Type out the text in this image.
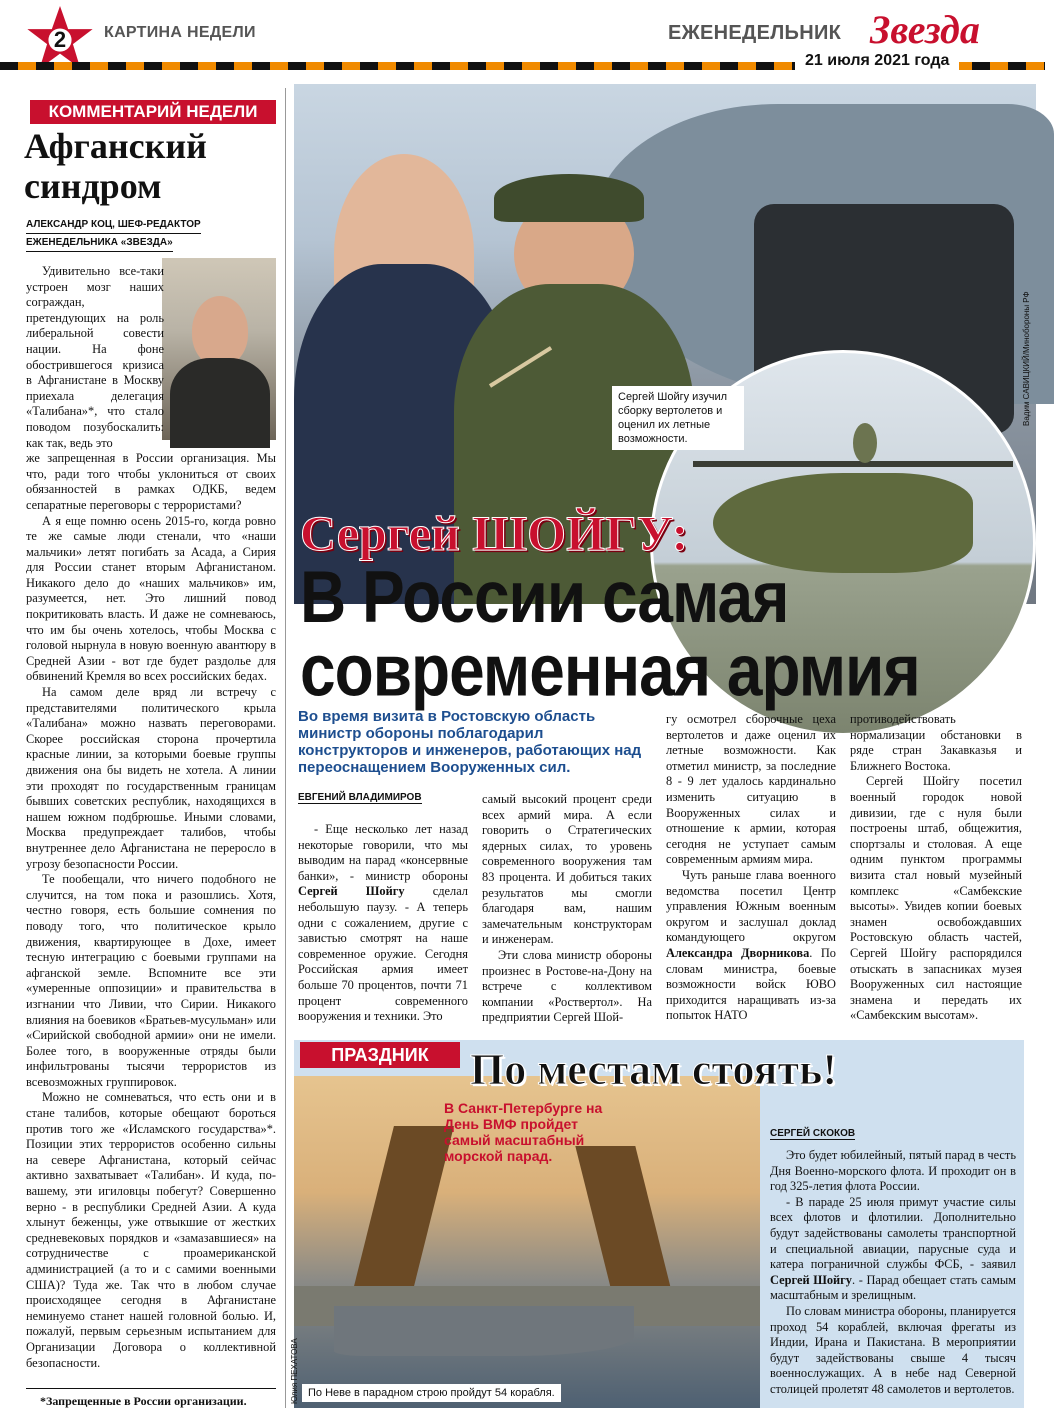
2	КАРТИНА НЕДЕЛИ	ЕЖЕНЕДЕЛЬНИК Звезда
21 июля 2021 года
КОММЕНТАРИЙ НЕДЕЛИ
Афганский
синдром
АЛЕКСАНДР КОЦ, ШЕФ-РЕДАКТОР
ЕЖЕНЕДЕЛЬНИКА «ЗВЕЗДА»

Удивительно все-таки устроен мозг наших сограждан, претендующих на роль либеральной совести нации. На фоне обострившегося кризиса в Афганистане в Москву приехала делегация «Талибана»*, что стало поводом позубоскалить: как так, ведь это

же запрещенная в России организация. Мы что, ради того чтобы уклониться от своих обязанностей в рамках ОДКБ, ведем сепаратные переговоры с террористами?

А я еще помню осень 2015-го, когда ровно те же самые люди стенали, что «наши мальчики» летят погибать за Асада, а Сирия для России станет вторым Афганистаном. Никакого дело до «наших мальчиков» им, разумеется, нет. Это лишний повод покритиковать власть. И даже не сомневаюсь, что им бы очень хотелось, чтобы Москва с головой нырнула в новую военную авантюру в Средней Азии - вот где будет раздолье для обвинений Кремля во всех российских бедах.

На самом деле вряд ли встречу с представителями политического крыла «Талибана» можно назвать переговорами. Скорее российская сторона прочертила красные линии, за которыми боевые группы движения она бы видеть не хотела. А линии эти проходят по государственным границам бывших советских республик, находящихся в нашем южном подбрюшье. Иными словами, Москва предупреждает талибов, чтобы внутреннее дело Афганистана не переросло в угрозу безопасности России.

Те пообещали, что ничего подобного не случится, на том пока и разошлись. Хотя, честно говоря, есть большие сомнения по поводу того, что политическое крыло движения, квартирующее в Дохе, имеет тесную интеграцию с боевыми группами на афганской земле. Вспомните все эти «умеренные оппозиции» и правительства в изгнании что Ливии, что Сирии. Никакого влияния на боевиков «Братьев-мусульман» или «Сирийской свободной армии» они не имели. Более того, в вооруженные отряды были инфильтрованы тысячи террористов из всевозможных группировок.

Можно не сомневаться, что есть они и в стане талибов, которые обещают бороться против того же «Исламского государства»*. Позиции этих террористов особенно сильны на севере Афганистана, который сейчас активно захватывает «Талибан». И куда, по-вашему, эти игиловцы побегут? Совершенно верно - в республики Средней Азии. А куда хлынут беженцы, уже отвыкшие от жестких средневековых порядков и «замазавшиеся» на сотрудничестве с проамериканской администрацией (а то и с самими военными США)? Туда же. Так что в любом случае происходящее сегодня в Афганистане неминуемо станет нашей головной болью. И, пожалуй, первым серьезным испытанием для Организации Договора о коллективной безопасности.

*Запрещенные в России организации.
Сергей Шойгу изучил сборку вертолетов и оценил их летные возможности.
Вадим САВИЦКИЙ/Минобороны РФ
Сергей ШОЙГУ:
В России самая
современная армия
Во время визита в Ростовскую область министр обороны поблагодарил конструкторов и инженеров, работающих над переоснащением Вооруженных сил.
ЕВГЕНИЙ ВЛАДИМИРОВ

- Еще несколько лет назад некоторые говорили, что мы выводим на парад «консервные банки», - министр обороны Сергей Шойгу сделал небольшую паузу. - А теперь одни с сожалением, другие с завистью смотрят на наше современное оружие. Сегодня Российская армия имеет больше 70 процентов, почти 71 процент современного вооружения и техники. Это

самый высокий процент среди всех армий мира. А если говорить о Стратегических ядерных силах, то уровень современного вооружения там 83 процента. И добиться таких результатов мы смогли благодаря вам, нашим замечательным конструкторам и инженерам.

Эти слова министр обороны произнес в Ростове-на-Дону на встрече с коллективом компании «Роствертол». На предприятии Сергей Шой-

гу осмотрел сборочные цеха вертолетов и даже оценил их летные возможности. Как отметил министр, за последние 8 - 9 лет удалось кардинально изменить ситуацию в Вооруженных силах и отношение к армии, которая сегодня не уступает самым современным армиям мира.

Чуть раньше глава военного ведомства посетил Центр управления Южным военным округом и заслушал доклад командующего округом Александра Дворникова. По словам министра, боевые возможности войск ЮВО приходится наращивать из-за попыток НАТО

противодействовать нормализации обстановки в ряде стран Закавказья и Ближнего Востока.

Сергей Шойгу посетил военный городок новой дивизии, где с нуля были построены штаб, общежития, спортзалы и столовая. А еще одним пунктом программы визита стал новый музейный комплекс «Самбекские высоты». Увидев копии боевых знамен освобождавших Ростовскую область частей, Сергей Шойгу распорядился отыскать в запасниках музея Вооруженных сил настоящие знамена и передать их «Самбекским высотам».

ПРАЗДНИК По местам стоять!
В Санкт-Петербурге на День ВМФ пройдет самый масштабный морской парад.
СЕРГЕЙ СКОКОВ

Это будет юбилейный, пятый парад в честь Дня Военно-морского флота. И проходит он в год 325-летия флота России.

- В параде 25 июля примут участие силы всех флотов и флотилии. Дополнительно будут задействованы самолеты транспортной и специальной авиации, парусные суда и катера пограничной службы ФСБ, - заявил Сергей Шойгу. - Парад обещает стать самым масштабным и зрелищным.

По словам министра обороны, планируется проход 54 кораблей, включая фрегаты из Индии, Ирана и Пакистана. В мероприятии будут задействованы свыше 4 тысяч военнослужащих. А в небе над Северной столицей пролетят 48 самолетов и вертолетов.

По Неве в парадном строю пройдут 54 корабля.
Юлия ПЕХАТОВА
